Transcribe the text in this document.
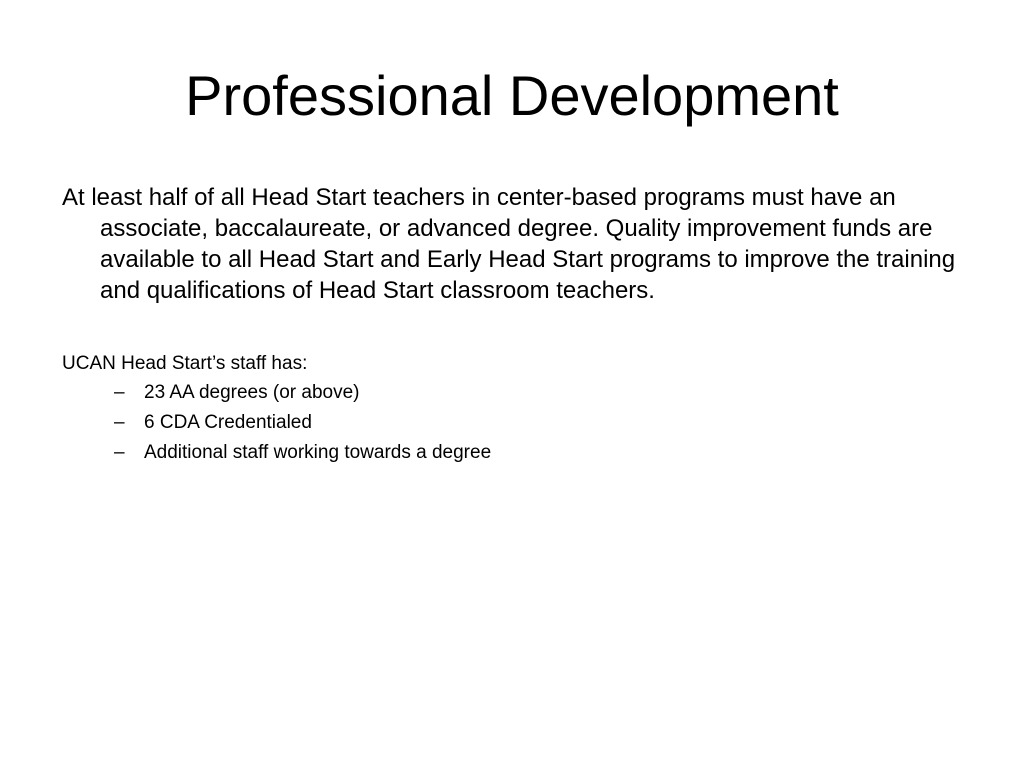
Professional Development

At least half of all Head Start teachers in center-based programs must have an associate, baccalaureate, or advanced degree. Quality improvement funds are available to all Head Start and Early Head Start programs to improve the training and qualifications of Head Start classroom teachers.

UCAN Head Start’s staff has:

–	23 AA degrees (or above)
–	6 CDA Credentialed
–	Additional staff working towards a degree
